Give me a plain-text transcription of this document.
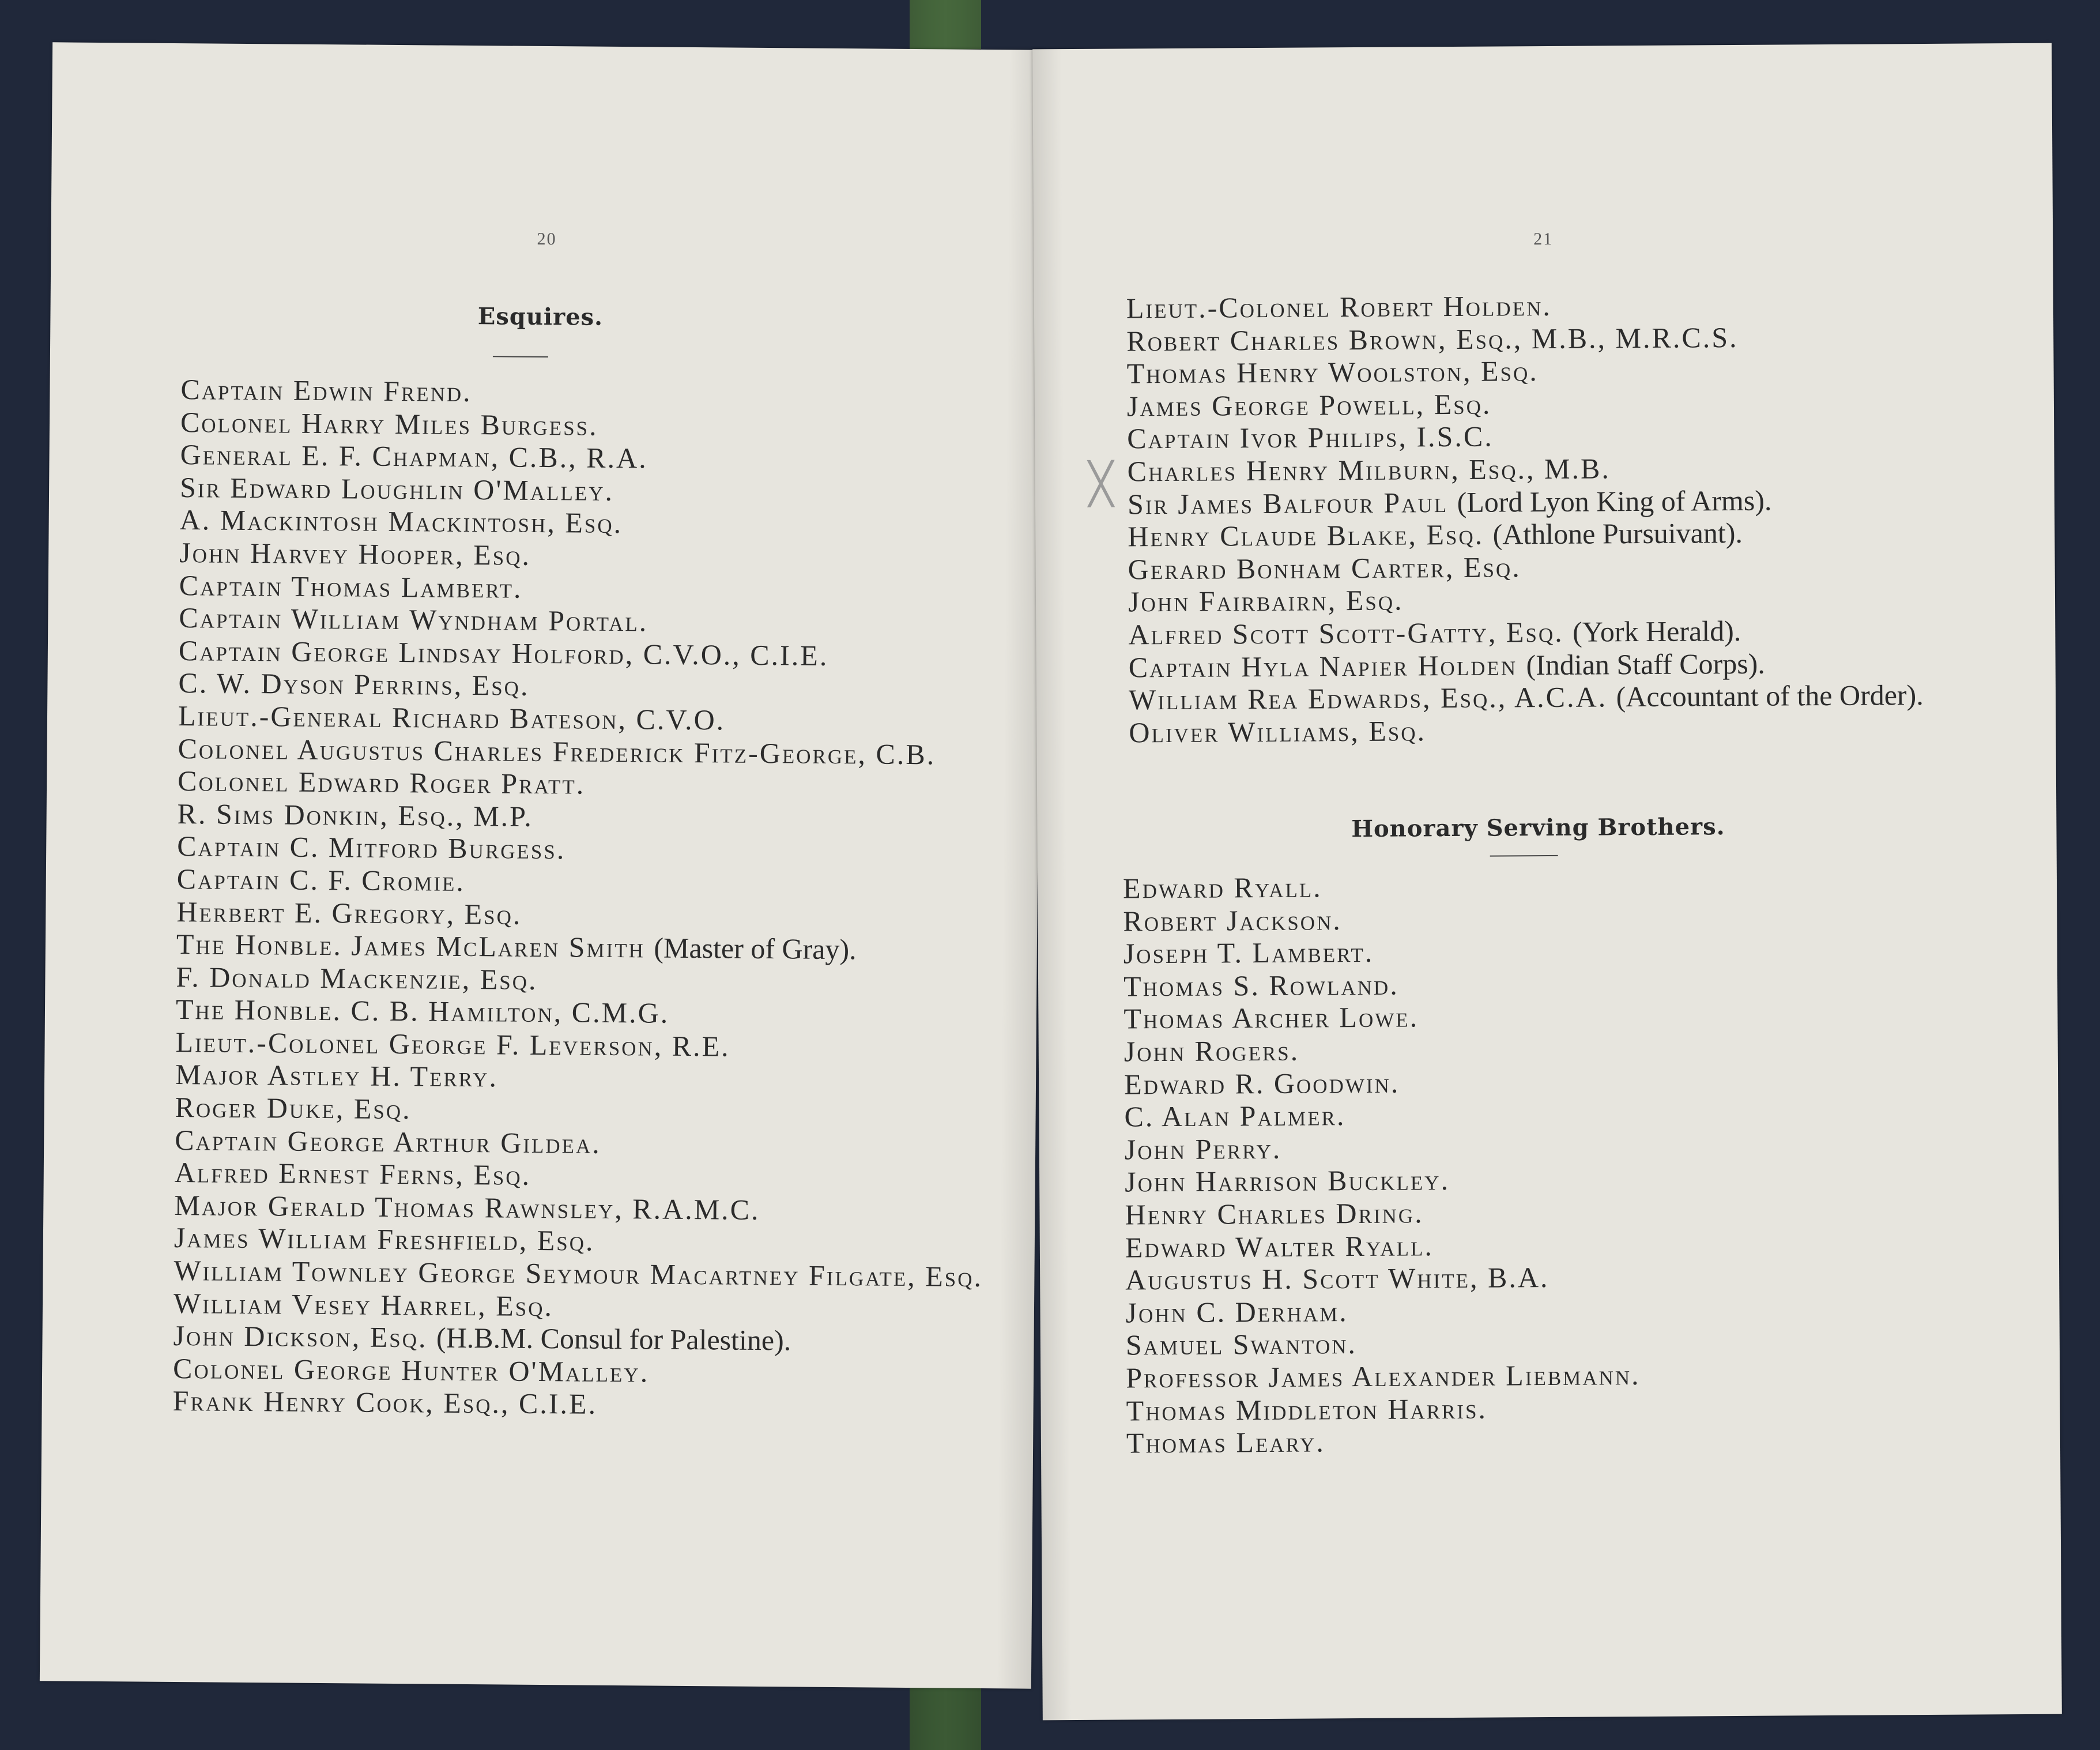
20
Esquires.
Captain Edwin Frend.
Colonel Harry Miles Burgess.
General E. F. Chapman, C.B., R.A.
Sir Edward Loughlin O'Malley.
A. Mackintosh Mackintosh, Esq.
John Harvey Hooper, Esq.
Captain Thomas Lambert.
Captain William Wyndham Portal.
Captain George Lindsay Holford, C.V.O., C.I.E.
C. W. Dyson Perrins, Esq.
Lieut.-General Richard Bateson, C.V.O.
Colonel Augustus Charles Frederick Fitz-George, C.B.
Colonel Edward Roger Pratt.
R. Sims Donkin, Esq., M.P.
Captain C. Mitford Burgess.
Captain C. F. Cromie.
Herbert E. Gregory, Esq.
The Honble. James McLaren Smith (Master of Gray).
F. Donald Mackenzie, Esq.
The Honble. C. B. Hamilton, C.M.G.
Lieut.-Colonel George F. Leverson, R.E.
Major Astley H. Terry.
Roger Duke, Esq.
Captain George Arthur Gildea.
Alfred Ernest Ferns, Esq.
Major Gerald Thomas Rawnsley, R.A.M.C.
James William Freshfield, Esq.
William Townley George Seymour Macartney Filgate, Esq.
William Vesey Harrel, Esq.
John Dickson, Esq. (H.B.M. Consul for Palestine).
Colonel George Hunter O'Malley.
Frank Henry Cook, Esq., C.I.E.
21
╳
Lieut.-Colonel Robert Holden.
Robert Charles Brown, Esq., M.B., M.R.C.S.
Thomas Henry Woolston, Esq.
James George Powell, Esq.
Captain Ivor Philips, I.S.C.
Charles Henry Milburn, Esq., M.B.
Sir James Balfour Paul (Lord Lyon King of Arms).
Henry Claude Blake, Esq. (Athlone Pursuivant).
Gerard Bonham Carter, Esq.
John Fairbairn, Esq.
Alfred Scott Scott-Gatty, Esq. (York Herald).
Captain Hyla Napier Holden (Indian Staff Corps).
William Rea Edwards, Esq., A.C.A. (Accountant of the Order).
Oliver Williams, Esq.
Honorary Serving Brothers.
Edward Ryall.
Robert Jackson.
Joseph T. Lambert.
Thomas S. Rowland.
Thomas Archer Lowe.
John Rogers.
Edward R. Goodwin.
C. Alan Palmer.
John Perry.
John Harrison Buckley.
Henry Charles Dring.
Edward Walter Ryall.
Augustus H. Scott White, B.A.
John C. Derham.
Samuel Swanton.
Professor James Alexander Liebmann.
Thomas Middleton Harris.
Thomas Leary.
